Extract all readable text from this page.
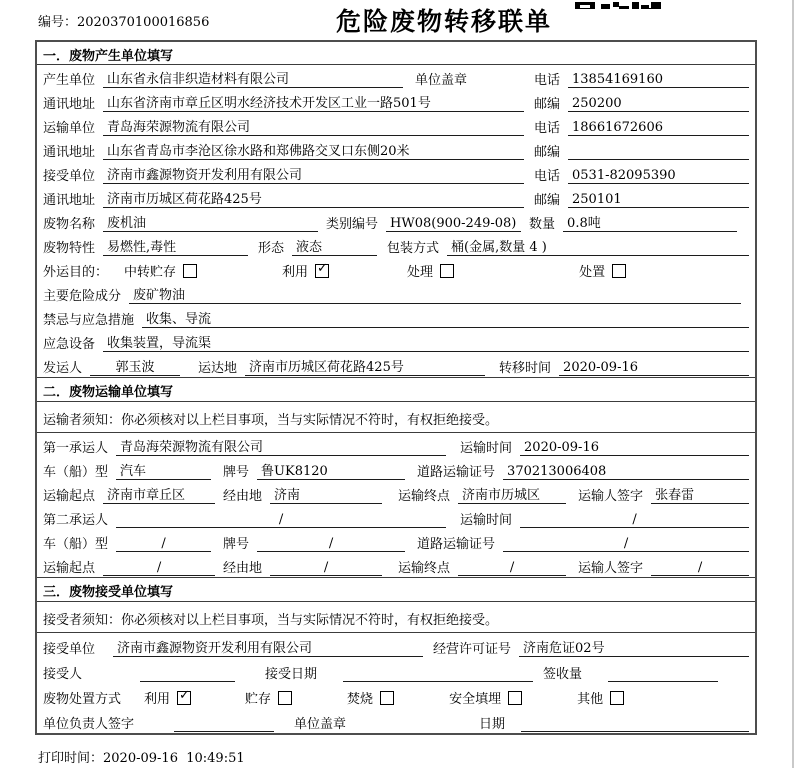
编号：2020370100016856	危险废物转移联单
一．废物产生单位填写
产生单位 山东省永信非织造材料有限公司	单位盖章	电话 13854169160
通讯地址 山东省济南市章丘区明水经济技术开发区工业一路501号	邮编 250200
运输单位 青岛海荣源物流有限公司	电话 18661672606
通讯地址 山东省青岛市李沧区徐水路和郑佛路交叉口东侧20米	邮编
接受单位 济南市鑫源物资开发利用有限公司	电话 0531-82095390
通讯地址 济南市历城区荷花路425号	邮编 250101
废物名称 废机油	类别编号 HW08(900-249-08) 数量 0.8吨
废物特性 易燃性,毒性	形态 液态	包装方式 桶(金属,数量 4 )
外运目的： 中转贮存	利用 ✓	处理	处置
主要危险成分 废矿物油
禁忌与应急措施 收集、导流
应急设备 收集装置，导流渠
发运人	郭玉波	运达地 济南市历城区荷花路425号	转移时间 2020-09-16
二．废物运输单位填写
运输者须知：你必须核对以上栏目事项，当与实际情况不符时，有权拒绝接受。
第一承运人 青岛海荣源物流有限公司	运输时间 2020-09-16
车（船）型 汽车	牌号 鲁UK8120	道路运输证号 370213006408
运输起点 济南市章丘区	经由地 济南	运输终点 济南市历城区	运输人签字 张春雷
第二承运人	/	运输时间	/
车（船）型	/	牌号	/	道路运输证号	/
运输起点	/	经由地	/	运输终点	/	运输人签字	/
三．废物接受单位填写
接受者须知：你必须核对以上栏目事项，当与实际情况不符时，有权拒绝接受。
接受单位	济南市鑫源物资开发利用有限公司	经营许可证号 济南危证02号
接受人	接受日期	签收量
废物处置方式 利用 ✓	贮存	焚烧	安全填埋	其他
单位负责人签字	单位盖章	日期
打印时间：2020-09-16  10:49:51
